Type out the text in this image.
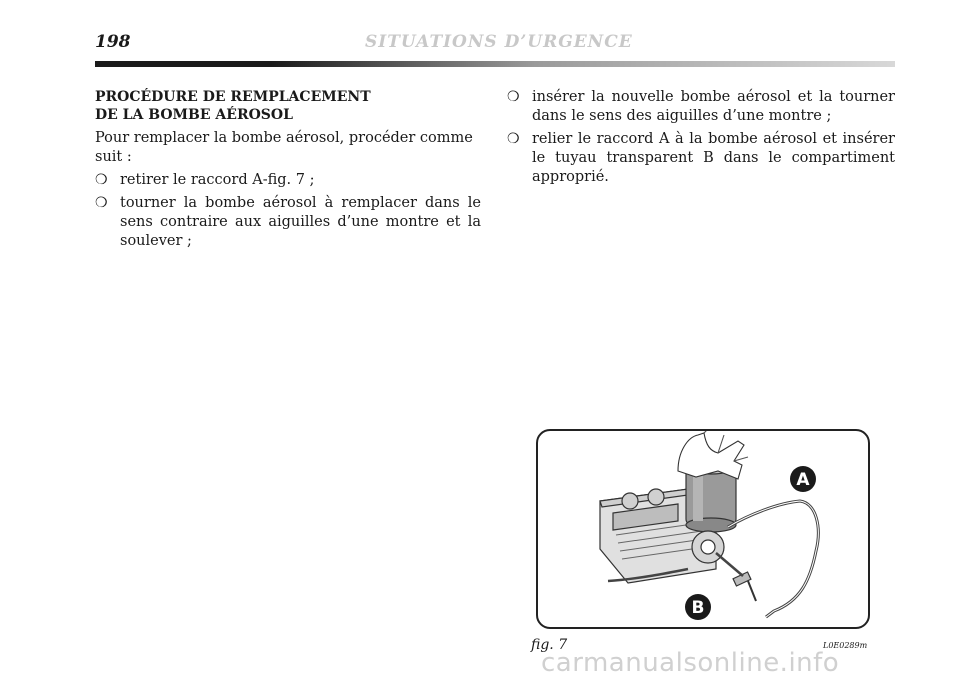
198	SITUATIONS D’URGENCE
PROCÉDURE DE REMPLACEMENT
DE LA BOMBE AÉROSOL

Pour remplacer la bombe aérosol, procéder comme suit :

❍ retirer le raccord A-fig. 7 ;
❍ tourner la bombe aérosol à remplacer dans le sens contraire aux aiguilles d’une montre et la soulever ;
❍ insérer la nouvelle bombe aérosol et la tourner dans le sens des aiguilles d’une montre ;
❍ relier le raccord A à la bombe aérosol et insérer le tuyau transparent B dans le compartiment approprié.
A
B
fig. 7	L0E0289m
carmanualsonline.info
